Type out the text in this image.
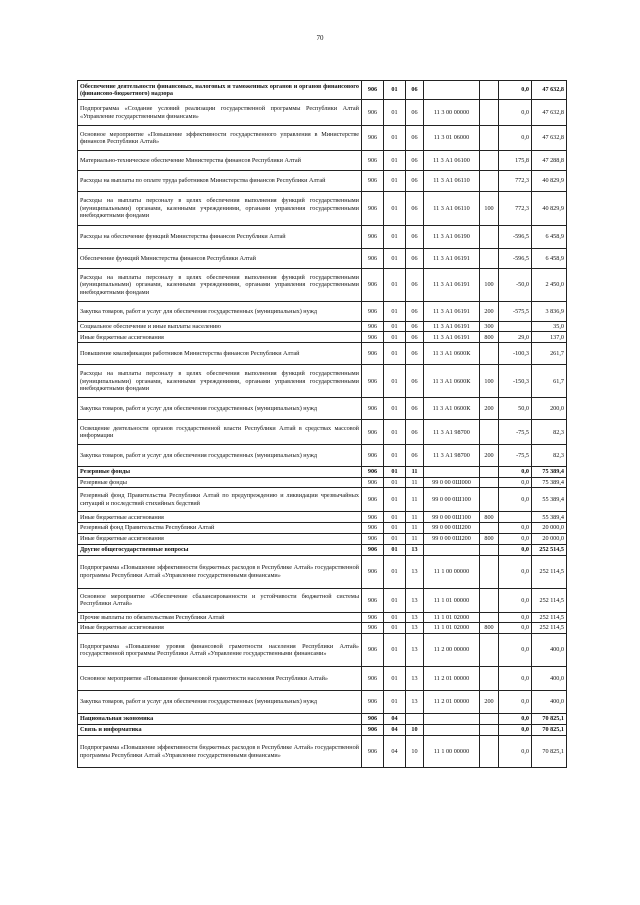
70
Обеспечение деятельности финансовых, налоговых и таможенных органов и органов финансового (финансово-бюджетного) надзора	906	01	06			0,0	47 632,8
Подпрограмма «Создание условий реализации государственной программы Республики Алтай «Управление государственными финансами»	906	01	06	11 3 00 00000		0,0	47 632,8
Основное мероприятие «Повышение эффективности государственного управления в Министерстве финансов Республики Алтай»	906	01	06	11 3 01 06000		0,0	47 632,8
Материально-техническое обеспечение Министерства финансов Республики Алтай	906	01	06	11 3 А1 06100		175,8	47 288,8
Расходы на выплаты по оплате труда работников Министерства финансов Республики Алтай	906	01	06	11 3 А1 06110		772,3	40 829,9
Расходы на выплаты персоналу в целях обеспечения выполнения функций государственными (муниципальными) органами, казенными учреждениями, органами управления государственными внебюджетными фондами	906	01	06	11 3 А1 06110	100	772,3	40 829,9
Расходы на обеспечение функций Министерства финансов Республики Алтай	906	01	06	11 3 А1 06190		-596,5	6 458,9
Обеспечение функций Министерства финансов Республики Алтай	906	01	06	11 3 А1 06191		-596,5	6 458,9
Расходы на выплаты персоналу в целях обеспечения выполнения функций государственными (муниципальными) органами, казенными учреждениями, органами управления государственными внебюджетными фондами	906	01	06	11 3 А1 06191	100	-50,0	2 450,0
Закупка товаров, работ и услуг для обеспечения государственных (муниципальных) нужд	906	01	06	11 3 А1 06191	200	-575,5	3 836,9
Социальное обеспечение и иные выплаты населению	906	01	06	11 3 А1 06191	300		35,0
Иные бюджетные ассигнования	906	01	06	11 3 А1 06191	800	29,0	137,0
Повышение квалификации работников Министерства финансов Республики Алтай	906	01	06	11 3 А1 0600К		-100,3	261,7
Расходы на выплаты персоналу в целях обеспечения выполнения функций государственными (муниципальными) органами, казенными учреждениями, органами управления государственными внебюджетными фондами	906	01	06	11 3 А1 0600К	100	-150,3	61,7
Закупка товаров, работ и услуг для обеспечения государственных (муниципальных) нужд	906	01	06	11 3 А1 0600К	200	50,0	200,0
Освещение деятельности органов государственной власти Республики Алтай в средствах массовой информации	906	01	06	11 3 А1 98700		-75,5	82,3
Закупка товаров, работ и услуг для обеспечения государственных (муниципальных) нужд	906	01	06	11 3 А1 98700	200	-75,5	82,3
Резервные фонды	906	01	11			0,0	75 389,4
Резервные фонды	906	01	11	99 0 00 0Ш000		0,0	75 389,4
Резервный фонд Правительства Республики Алтай по предупреждению и ликвидации чрезвычайных ситуаций и последствий стихийных бедствий	906	01	11	99 0 00 0Ш100		0,0	55 389,4
Иные бюджетные ассигнования	906	01	11	99 0 00 0Ш100	800		55 389,4
Резервный фонд Правительства Республики Алтай	906	01	11	99 0 00 0Ш200		0,0	20 000,0
Иные бюджетные ассигнования	906	01	11	99 0 00 0Ш200	800	0,0	20 000,0
Другие общегосударственные вопросы	906	01	13			0,0	252 514,5
Подпрограмма «Повышение эффективности бюджетных расходов в Республике Алтай» государственной программы Республики Алтай «Управление государственными финансами»	906	01	13	11 1 00 00000		0,0	252 114,5
Основное мероприятие «Обеспечение сбалансированности и устойчивости бюджетной системы Республики Алтай»	906	01	13	11 1 01 00000		0,0	252 114,5
Прочие выплаты по обязательствам Республики Алтай	906	01	13	11 1 01 02000		0,0	252 114,5
Иные бюджетные ассигнования	906	01	13	11 1 01 02000	800	0,0	252 114,5
Подпрограмма «Повышение уровня финансовой грамотности населения Республики Алтай» государственной программы Республики Алтай «Управление государственными финансами»	906	01	13	11 2 00 00000		0,0	400,0
Основное мероприятие «Повышение финансовой грамотности населения Республики Алтай»	906	01	13	11 2 01 00000		0,0	400,0
Закупка товаров, работ и услуг для обеспечения государственных (муниципальных) нужд	906	01	13	11 2 01 00000	200	0,0	400,0
Национальная экономика	906	04				0,0	70 825,1
Связь и информатика	906	04	10			0,0	70 825,1
Подпрограмма «Повышение эффективности бюджетных расходов в Республике Алтай» государственной программы Республики Алтай «Управление государственными финансами»	906	04	10	11 1 00 00000		0,0	70 825,1
